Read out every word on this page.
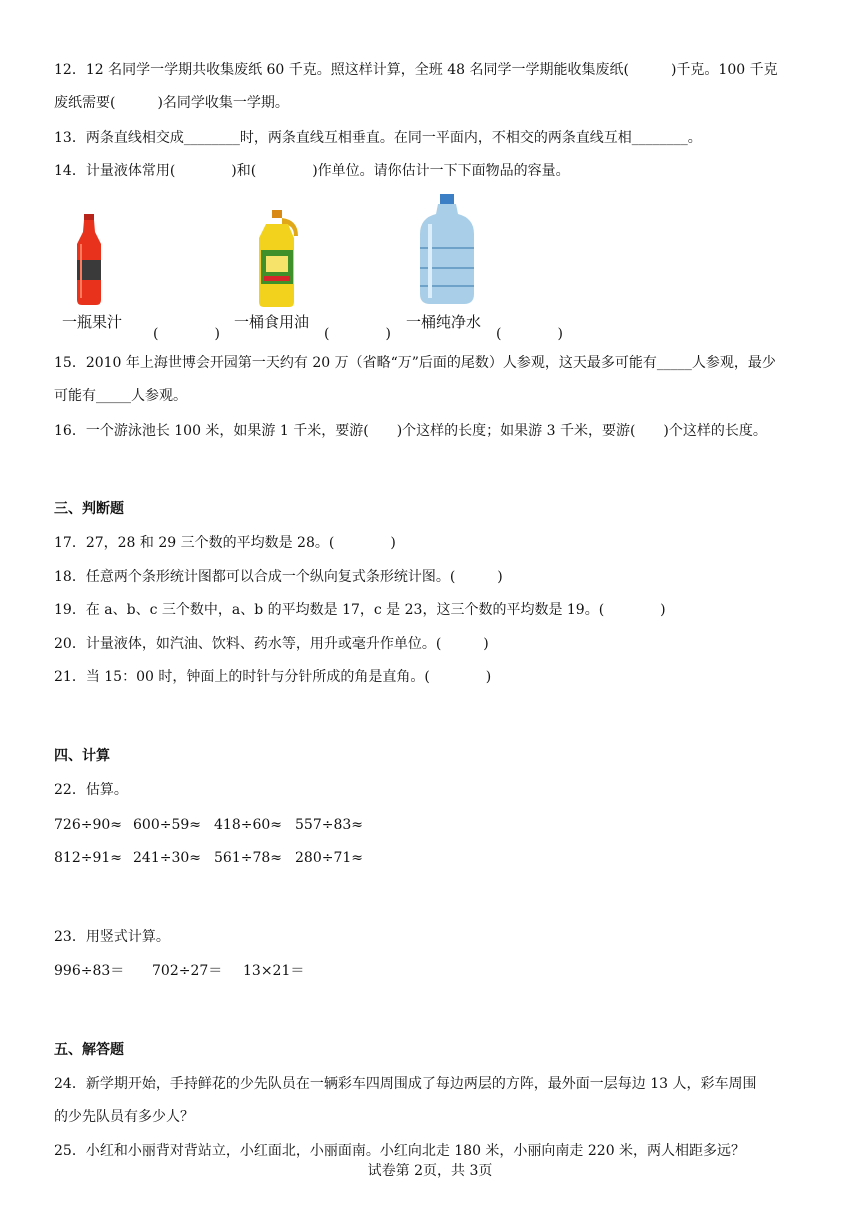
12．12 名同学一学期共收集废纸 60 千克。照这样计算，全班 48 名同学一学期能收集废纸(　　　)千克。100 千克
废纸需要(　　　)名同学收集一学期。
13．两条直线相交成________时，两条直线互相垂直。在同一平面内，不相交的两条直线互相________。
14．计量液体常用(　　　　)和(　　　　)作单位。请你估计一下下面物品的容量。
一瓶果汁
(　　　　)
一桶食用油
(　　　　)
一桶纯净水
(　　　　)
15．2010 年上海世博会开园第一天约有 20 万（省略“万”后面的尾数）人参观，这天最多可能有_____人参观，最少
可能有_____人参观。
16．一个游泳池长 100 米，如果游 1 千米，要游(　　)个这样的长度；如果游 3 千米，要游(　　)个这样的长度。
三、判断题
17．27，28 和 29 三个数的平均数是 28。(　　　　)
18．任意两个条形统计图都可以合成一个纵向复式条形统计图。(　　　)
19．在 a、b、c 三个数中，a、b 的平均数是 17，c 是 23，这三个数的平均数是 19。(　　　　)
20．计量液体，如汽油、饮料、药水等，用升或毫升作单位。(　　　)
21．当 15：00 时，钟面上的时针与分针所成的角是直角。(　　　　)
四、计算
22．估算。
726÷90≈ 600÷59≈ 418÷60≈ 557÷83≈
812÷91≈ 241÷30≈ 561÷78≈ 280÷71≈
23．用竖式计算。
996÷83＝ 702÷27＝ 13×21＝
五、解答题
24．新学期开始，手持鲜花的少先队员在一辆彩车四周围成了每边两层的方阵，最外面一层每边 13 人，彩车周围
的少先队员有多少人？
25．小红和小丽背对背站立，小红面北，小丽面南。小红向北走 180 米，小丽向南走 220 米，两人相距多远？
试卷第 2页，共 3页
